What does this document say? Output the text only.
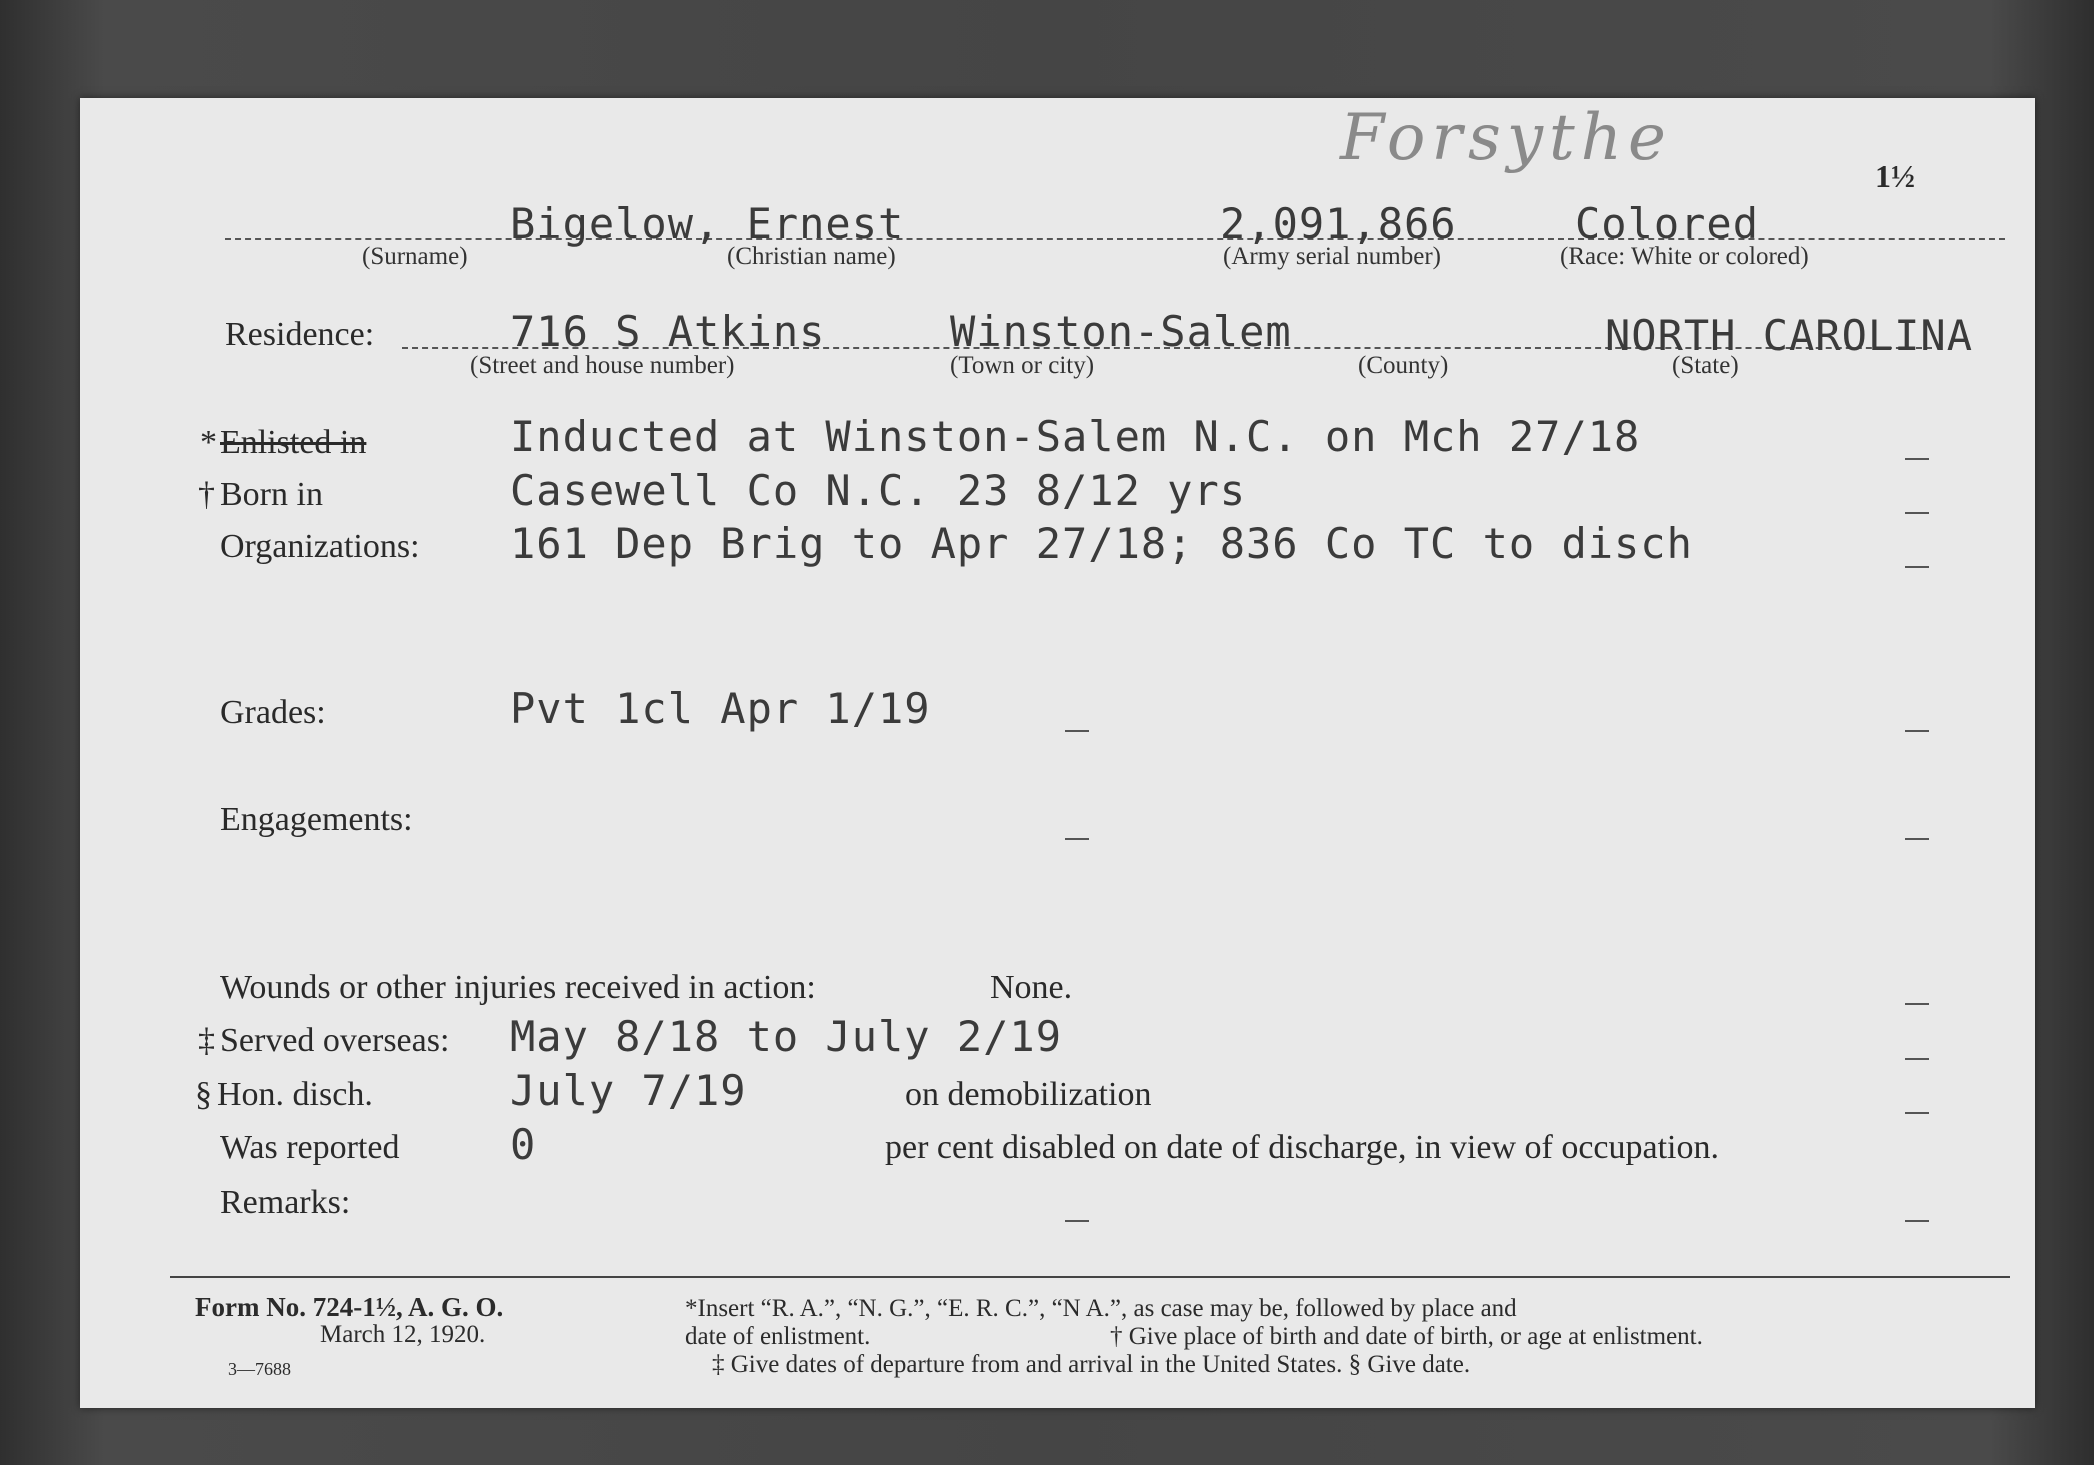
Forsythe
1½
Bigelow, Ernest	2,091,866	Colored
(Surname)	(Christian name)	(Army serial number)	(Race: White or colored)
Residence:	716 S Atkins	Winston-Salem	NORTH CAROLINA
(Street and house number)	(Town or city)	(County)	(State)
* Enlisted in	Inducted at Winston-Salem N.C. on Mch 27/18
† Born in	Casewell Co N.C. 23 8/12 yrs
Organizations: 161 Dep Brig to Apr 27/18; 836 Co TC to disch
Grades:	Pvt 1cl Apr 1/19
Engagements:
Wounds or other injuries received in action:	None.
‡ Served overseas: May 8/18 to July 2/19
§ Hon. disch.	July 7/19	on demobilization
Was reported	0	per cent disabled on date of discharge, in view of occupation.
Remarks:
Form No. 724-1½, A. G. O.
March 12, 1920.
3—7688
*Insert “R. A.”, “N. G.”, “E. R. C.”, “N A.”, as case may be, followed by place and
date of enlistment.	† Give place of birth and date of birth, or age at enlistment.
‡ Give dates of departure from and arrival in the United States. § Give date.
